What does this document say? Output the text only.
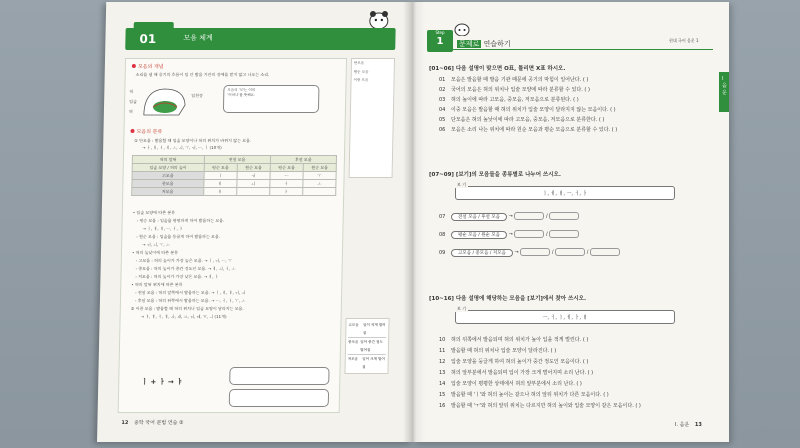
01	모음 체계
모음의 개념
소리를 낼 때 공기의 흐름이 입 안 발음 기관의 장애를 받지 않고 나오는 소리.
혀
입술
혀
입천장
모음의 '모'는 어미
'어머니'를 뜻해요.
모음의 분류
① 단모음 : 발음할 때 입술 모양이나 혀의 위치가 바뀌지 않는 모음.
→ ㅏ, ㅐ, ㅓ, ㅔ, ㅗ, ㅚ, ㅜ, ㅟ, ㅡ, ㅣ (10개)
혀의 앞뒤	전설 모음		후설 모음	
입술 모양 / 혀의 높이	평순 모음	원순 모음	평순 모음	원순 모음
고모음	ㅣ	ㅟ	ㅡ	ㅜ
중모음	ㅔ	ㅚ	ㅓ	ㅗ
저모음	ㅐ		ㅏ	
• 입술 모양에 따른 분류
- 평순 모음 : 입술을 평평하게 하여 발음하는 모음.
→ ㅣ, ㅔ, ㅐ, ㅡ, ㅓ, ㅏ
- 원순 모음 : 입술을 둥글게 하여 발음하는 모음.
→ ㅟ, ㅚ, ㅜ, ㅗ
• 혀의 높낮이에 따른 분류
- 고모음 : 혀의 높이가 가장 높은 모음. → ㅣ, ㅟ, ㅡ, ㅜ
- 중모음 : 혀의 높이가 중간 정도인 모음. → ㅔ, ㅚ, ㅓ, ㅗ
- 저모음 : 혀의 높이가 가장 낮은 모음. → ㅐ, ㅏ
• 혀의 앞뒤 위치에 따른 분류
- 전설 모음 : 혀의 앞쪽에서 발음하는 모음. → ㅣ, ㅔ, ㅐ, ㅟ, ㅚ
- 후설 모음 : 혀의 뒤쪽에서 발음하는 모음. → ㅡ, ㅓ, ㅏ, ㅜ, ㅗ
② 이중 모음 : 발음할 때 혀의 위치나 입술 모양이 달라지는 모음.
→ ㅑ, ㅒ, ㅕ, ㅖ, ㅘ, ㅙ, ㅛ, ㅝ, ㅞ, ㅠ, ㅢ (11개)
ㅣ + ㅏ → ㅑ
단모음
원순 모음
이중 모음
고모음	입이 적게 벌어짐
중모음 입이 중간 정도 벌어짐
저모음	입이 크게 벌어짐
12 중학 국어 문법 연습 ②
Step
1	문제로 연습하기	현대 국어 음운 1
I 음운
[01~06] 다음 설명이 맞으면 O표, 틀리면 X표 하시오.
01 모음은 발음할 때 발음 기관 때문에 공기의 막힘이 일어난다. ( )
02 국어의 모음은 혀의 위치나 입술 모양에 따라 분류할 수 있다. ( )
03 혀의 높이에 따라 고모음, 중모음, 저모음으로 분류된다. ( )
04 이중 모음은 발음할 때 혀의 위치가 입술 모양이 달라지지 않는 모음이다. ( )
05 단모음은 혀의 높낮이에 따라 고모음, 중모음, 저모음으로 분류한다. ( )
06 모음은 소리 나는 위치에 따라 원순 모음과 평순 모음으로 분류할 수 있다. ( )
[07~09] [보기]의 모음들을 종류별로 나누어 쓰시오.
보 기
ㅣ, ㅔ, ㅐ, ㅡ, ㅓ, ㅏ
07	전설 모음 / 후설 모음 →	/
08	평순 모음 / 원순 모음 →	/
09	고모음 / 중모음 / 저모음 →	/	/
[10~16] 다음 설명에 해당하는 모음을 [보기]에서 찾아 쓰시오.
보 기
ㅡ, ㅓ, ㅣ, ㅔ, ㅏ, ㅐ
10 혀의 뒤쪽에서 발음되며 혀의 위치가 높아 입을 적게 벌린다. ( )
11 발음할 때 혀의 위치나 입술 모양이 달라진다. ( )
12 입술 모양을 둥글게 하여 혀의 높이가 중간 정도인 모음이다. ( )
13 혀의 앞부분에서 발음되며 입이 가장 크게 벌어지며 소리 난다. ( )
14 입술 모양이 평평한 상태에서 혀의 앞부분에서 소리 난다. ( )
15 발음할 때 'ㅣ'와 혀의 높이는 같으나 혀의 앞뒤 위치가 다른 모음이다. ( )
16 발음할 때 'ㅜ'와 혀의 앞뒤 위치는 다르지만 혀의 높이와 입술 모양이 같은 모음이다. ( )
I. 음운 13
